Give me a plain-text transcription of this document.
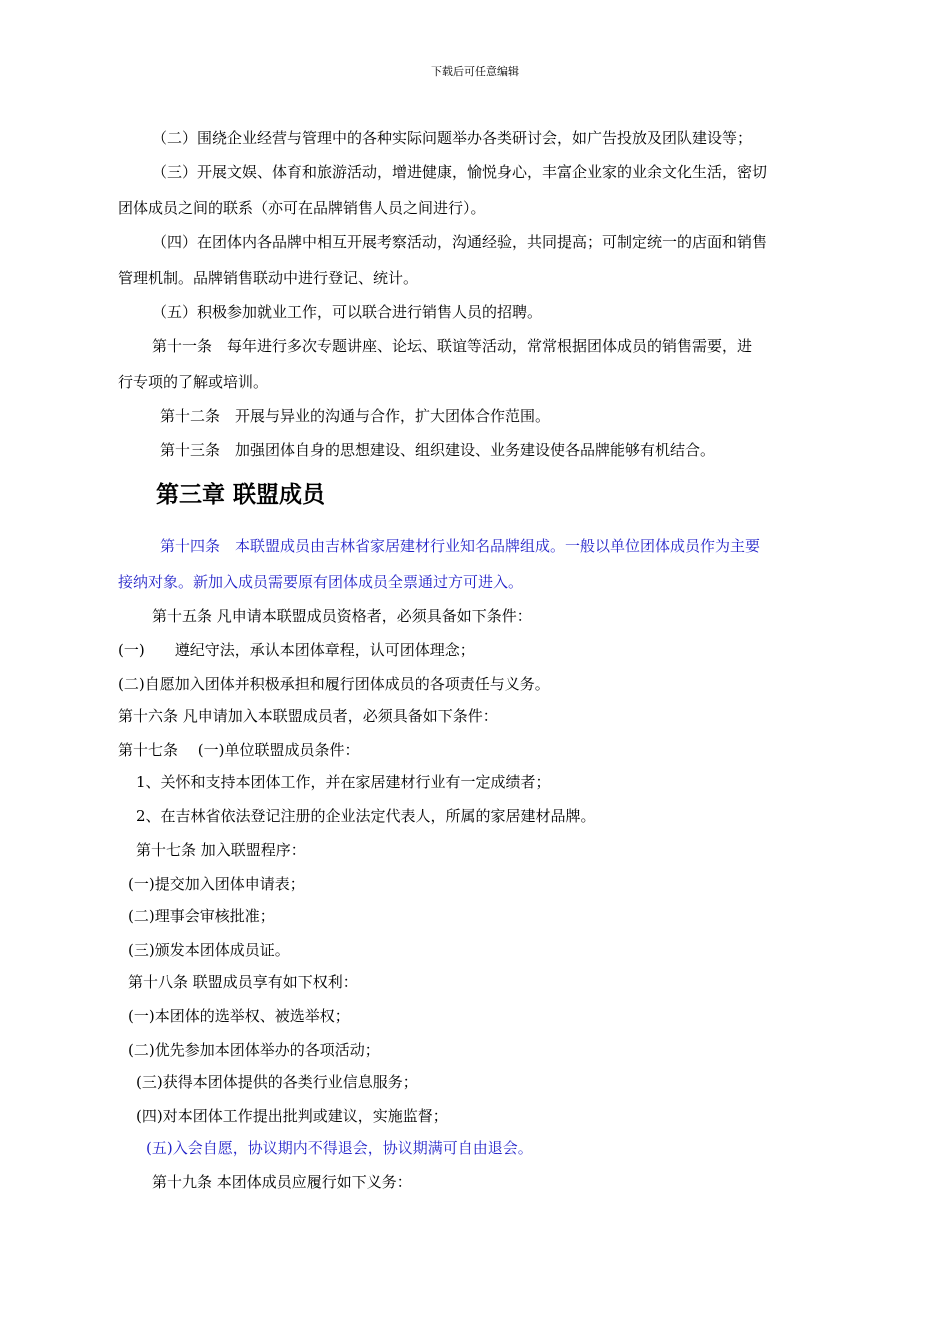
下载后可任意编辑
（二）围绕企业经营与管理中的各种实际问题举办各类研讨会，如广告投放及团队建设等；
（三）开展文娱、体育和旅游活动，增进健康，愉悦身心，丰富企业家的业余文化生活，密切
团体成员之间的联系（亦可在品牌销售人员之间进行）。
（四）在团体内各品牌中相互开展考察活动，沟通经验，共同提高；可制定统一的店面和销售
管理机制。品牌销售联动中进行登记、统计。
（五）积极参加就业工作，可以联合进行销售人员的招聘。
第十一条　每年进行多次专题讲座、论坛、联谊等活动，常常根据团体成员的销售需要，进
行专项的了解或培训。
第十二条　开展与异业的沟通与合作，扩大团体合作范围。
第十三条　加强团体自身的思想建设、组织建设、业务建设使各品牌能够有机结合。
第三章 联盟成员
第十四条　本联盟成员由吉林省家居建材行业知名品牌组成。一般以单位团体成员作为主要
接纳对象。新加入成员需要原有团体成员全票通过方可进入。
第十五条 凡申请本联盟成员资格者，必须具备如下条件：
(一)　　遵纪守法，承认本团体章程，认可团体理念；
(二)自愿加入团体并积极承担和履行团体成员的各项责任与义务。
第十六条 凡申请加入本联盟成员者，必须具备如下条件：
第十七条　 (一)单位联盟成员条件：
1、关怀和支持本团体工作，并在家居建材行业有一定成绩者；
2、在吉林省依法登记注册的企业法定代表人，所属的家居建材品牌。
第十七条 加入联盟程序：
(一)提交加入团体申请表；
(二)理事会审核批准；
(三)颁发本团体成员证。
第十八条 联盟成员享有如下权利：
(一)本团体的选举权、被选举权；
(二)优先参加本团体举办的各项活动；
(三)获得本团体提供的各类行业信息服务；
(四)对本团体工作提出批判或建议，实施监督；
(五)入会自愿，协议期内不得退会，协议期满可自由退会。
第十九条 本团体成员应履行如下义务：
